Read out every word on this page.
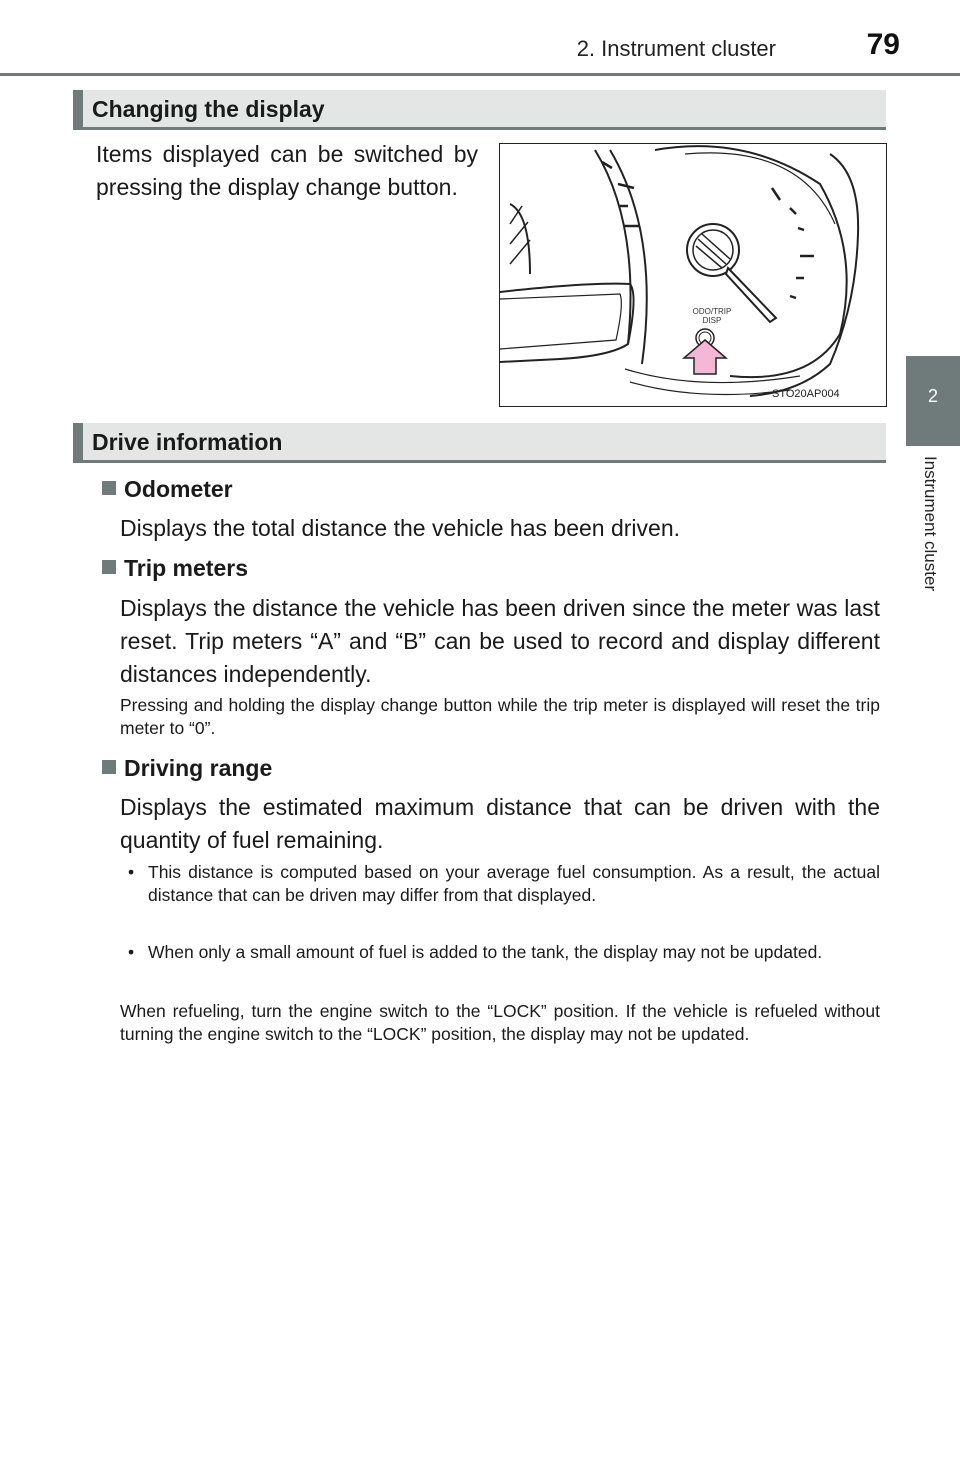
2. Instrument cluster	79
2
Instrument cluster
Changing the display
Items displayed can be switched by pressing the display change button.
ODO/TRIP
DISP
STO20AP004
Drive information
Odometer
Displays the total distance the vehicle has been driven.
Trip meters
Displays the distance the vehicle has been driven since the meter was last reset. Trip meters “A” and “B” can be used to record and display different distances independently.
Pressing and holding the display change button while the trip meter is displayed will reset the trip meter to “0”.
Driving range
Displays the estimated maximum distance that can be driven with the quantity of fuel remaining.
• This distance is computed based on your average fuel consumption. As a result, the actual distance that can be driven may differ from that displayed.
• When only a small amount of fuel is added to the tank, the display may not be updated.
When refueling, turn the engine switch to the “LOCK” position. If the vehicle is refueled without turning the engine switch to the “LOCK” position, the display may not be updated.
